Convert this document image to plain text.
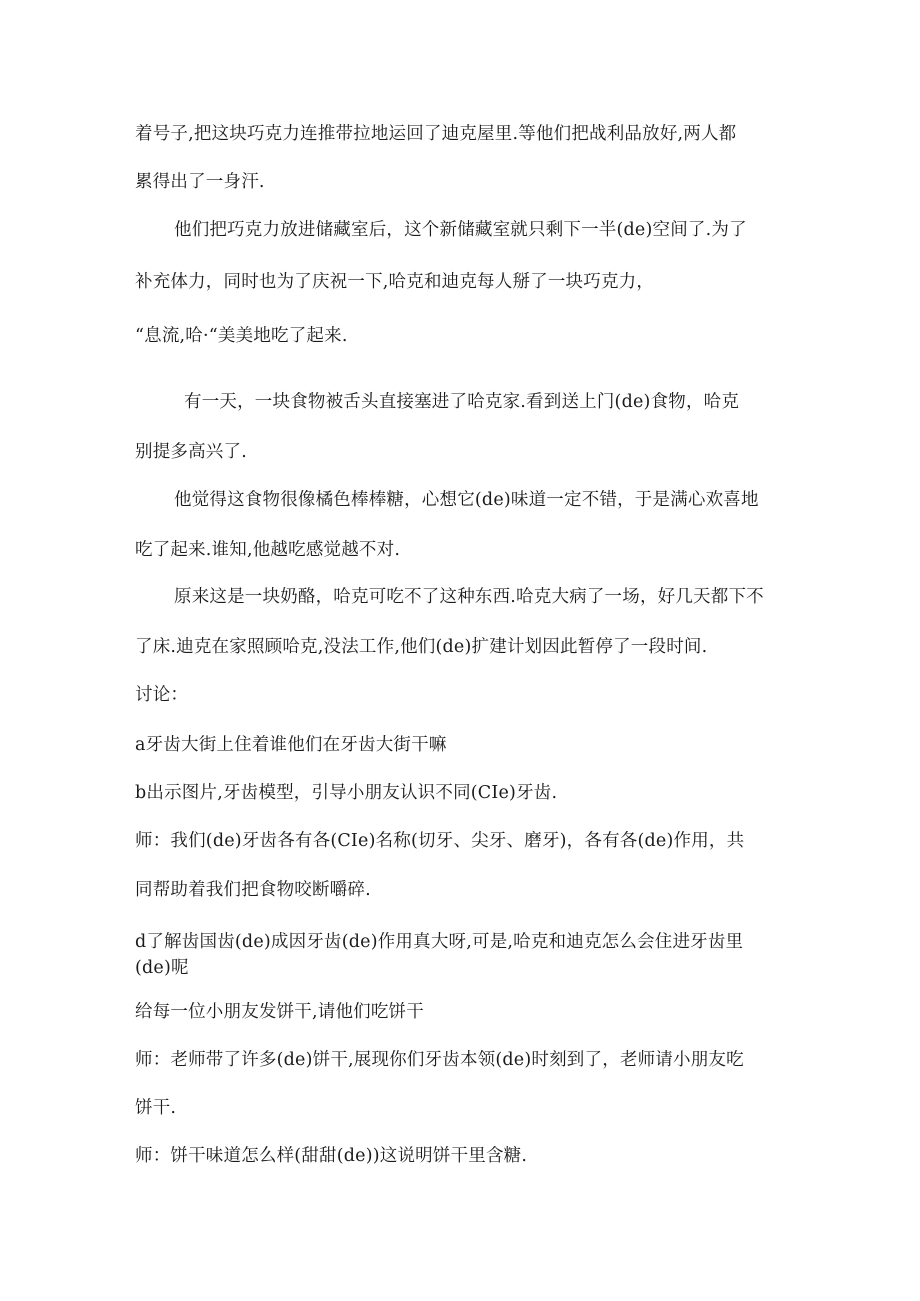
着号子,把这块巧克力连推带拉地运回了迪克屋里.等他们把战利品放好,两人都
累得出了一身汗.
他们把巧克力放进储藏室后，这个新储藏室就只剩下一半(de)空间了.为了
补充体力，同时也为了庆祝一下,哈克和迪克每人掰了一块巧克力，
“息流,哈·“美美地吃了起来.
有一天，一块食物被舌头直接塞进了哈克家.看到送上门(de)食物，哈克
别提多高兴了.
他觉得这食物很像橘色棒棒糖，心想它(de)味道一定不错，于是满心欢喜地
吃了起来.谁知,他越吃感觉越不对.
原来这是一块奶酪，哈克可吃不了这种东西.哈克大病了一场，好几天都下不
了床.迪克在家照顾哈克,没法工作,他们(de)扩建计划因此暂停了一段时间.
讨论：
a牙齿大街上住着谁他们在牙齿大街干嘛
b出示图片,牙齿模型，引导小朋友认识不同(CIe)牙齿.
师：我们(de)牙齿各有各(CIe)名称(切牙、尖牙、磨牙)，各有各(de)作用，共
同帮助着我们把食物咬断嚼碎.
d了解齿国齿(de)成因牙齿(de)作用真大呀,可是,哈克和迪克怎么会住进牙齿里
(de)呢
给每一位小朋友发饼干,请他们吃饼干
师：老师带了许多(de)饼干,展现你们牙齿本领(de)时刻到了，老师请小朋友吃
饼干.
师：饼干味道怎么样(甜甜(de))这说明饼干里含糖.
